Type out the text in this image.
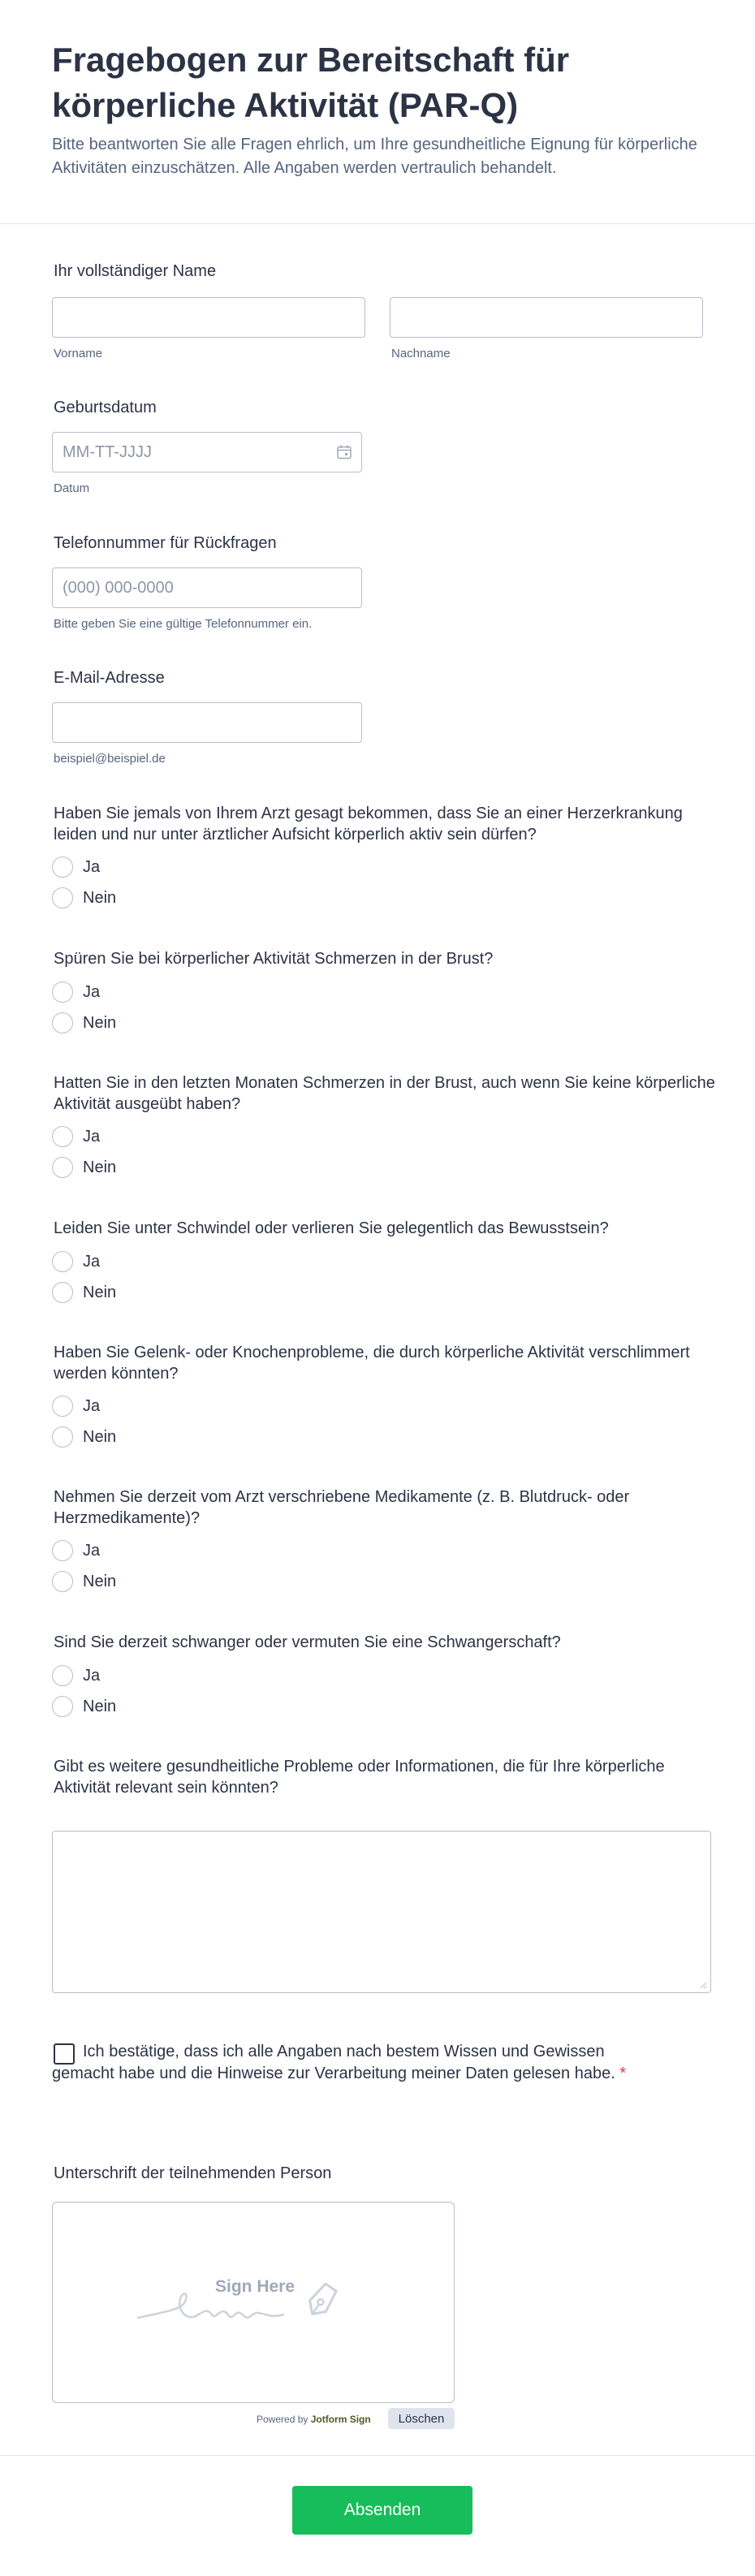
Fragebogen zur Bereitschaft für körperliche Aktivität (PAR-Q)

Bitte beantworten Sie alle Fragen ehrlich, um Ihre gesundheitliche Eignung für körperliche Aktivitäten einzuschätzen. Alle Angaben werden vertraulich behandelt.

Ihr vollständiger Name
Vorname	Nachname
Geburtsdatum
MM-TT-JJJJ
Datum
Telefonnummer für Rückfragen
(000) 000-0000
Bitte geben Sie eine gültige Telefonnummer ein.
E-Mail-Adresse
beispiel@beispiel.de
Haben Sie jemals von Ihrem Arzt gesagt bekommen, dass Sie an einer Herzerkrankung leiden und nur unter ärztlicher Aufsicht körperlich aktiv sein dürfen?
Ja
Nein
Spüren Sie bei körperlicher Aktivität Schmerzen in der Brust?
Ja
Nein
Hatten Sie in den letzten Monaten Schmerzen in der Brust, auch wenn Sie keine körperliche Aktivität ausgeübt haben?
Ja
Nein
Leiden Sie unter Schwindel oder verlieren Sie gelegentlich das Bewusstsein?
Ja
Nein
Haben Sie Gelenk- oder Knochenprobleme, die durch körperliche Aktivität verschlimmert werden könnten?
Ja
Nein
Nehmen Sie derzeit vom Arzt verschriebene Medikamente (z. B. Blutdruck- oder Herzmedikamente)?
Ja
Nein
Sind Sie derzeit schwanger oder vermuten Sie eine Schwangerschaft?
Ja
Nein
Gibt es weitere gesundheitliche Probleme oder Informationen, die für Ihre körperliche Aktivität relevant sein könnten?
Ich bestätige, dass ich alle Angaben nach bestem Wissen und Gewissen gemacht habe und die Hinweise zur Verarbeitung meiner Daten gelesen habe. *
Unterschrift der teilnehmenden Person
Sign Here
Powered by Jotform Sign	Löschen
Absenden
